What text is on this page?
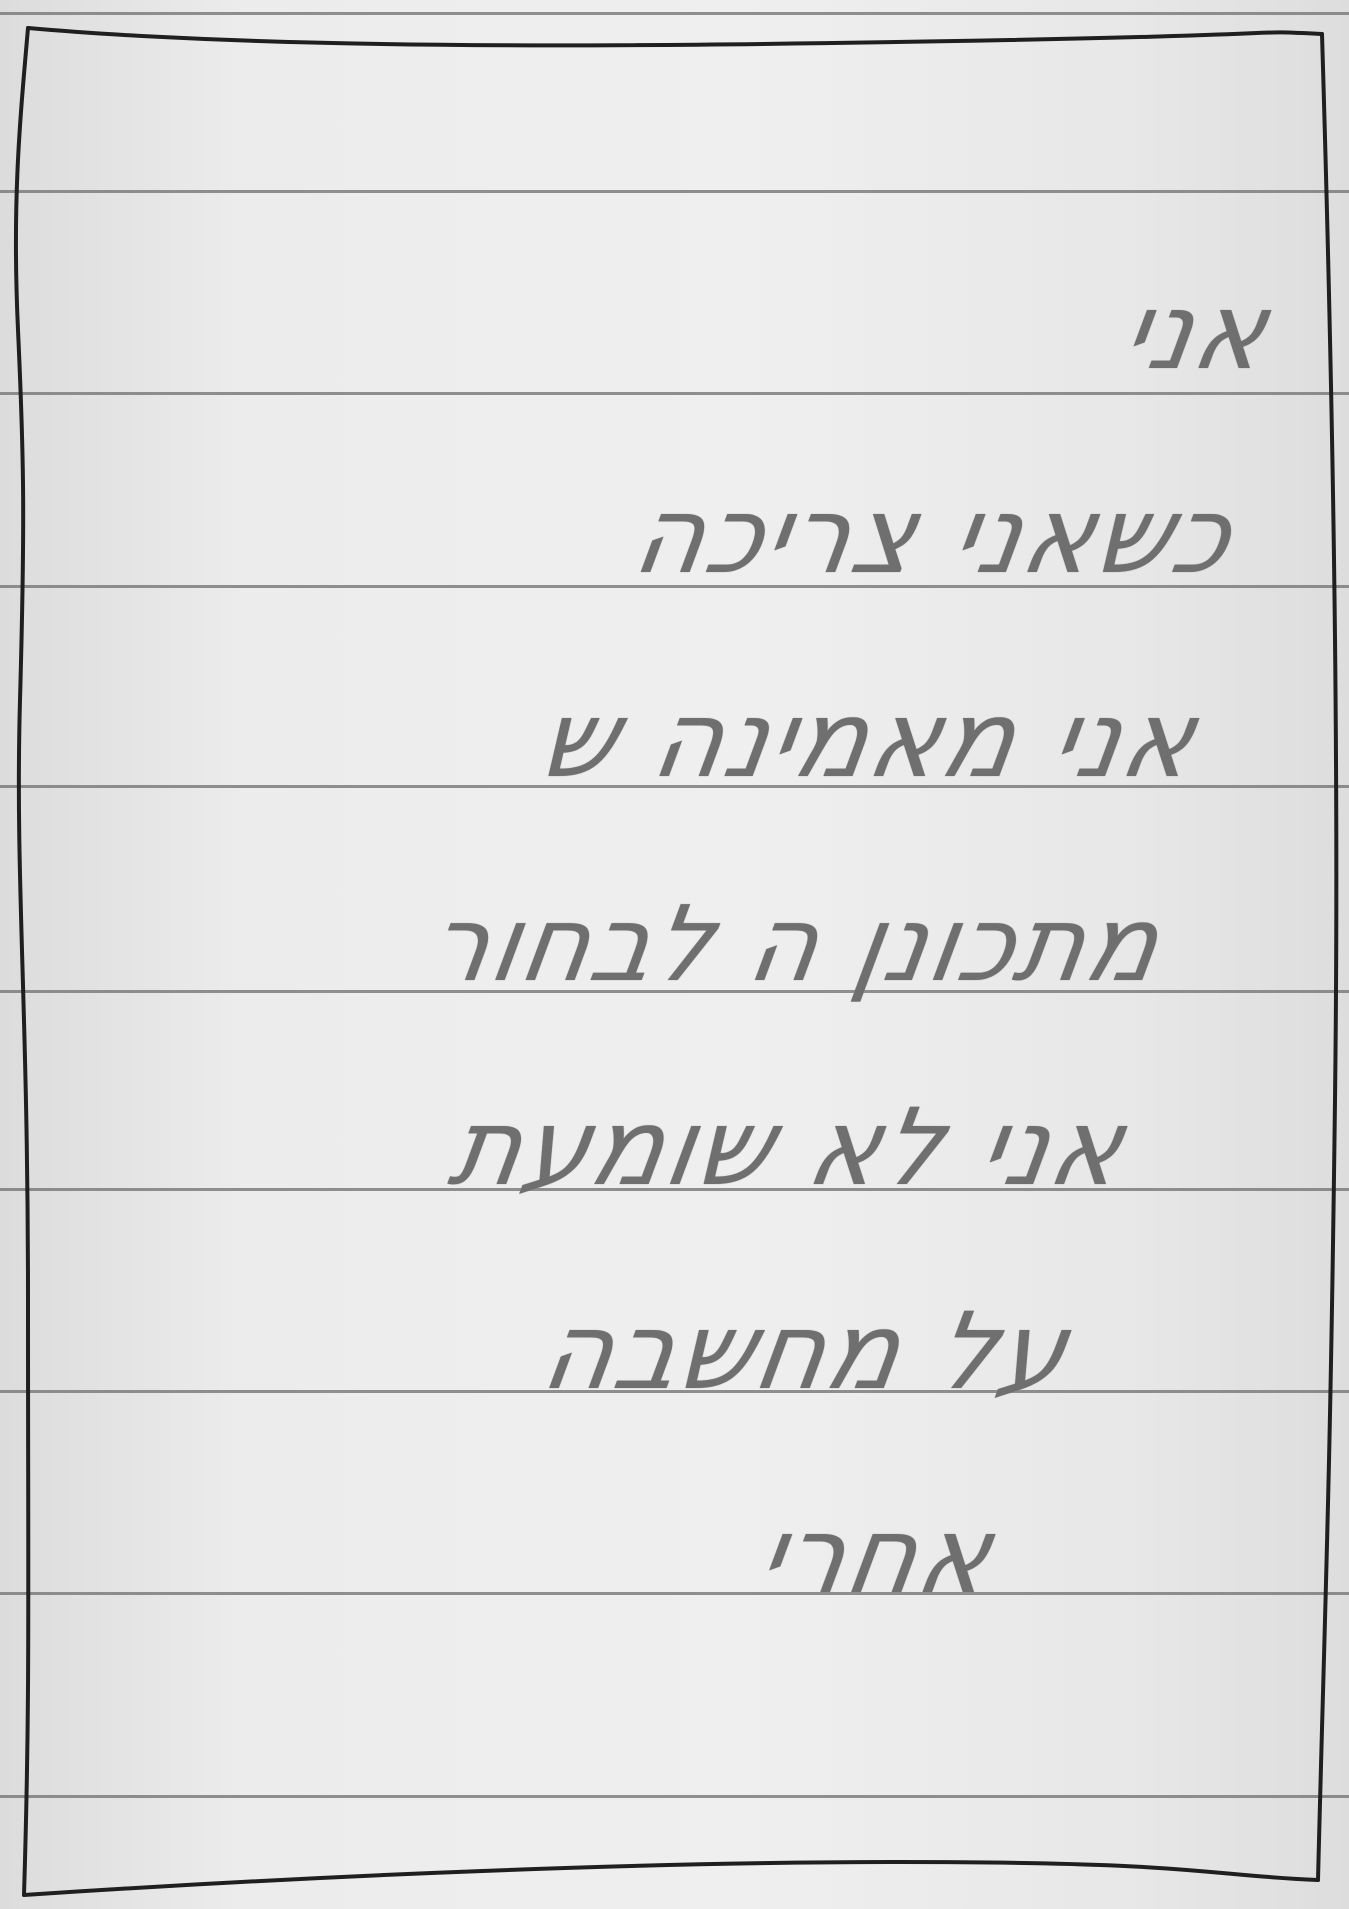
אני
כשאני צריכה
אני מאמינה ש
מתכונן ה לבחור
אני לא שומעת
על מחשבה
אחרי
